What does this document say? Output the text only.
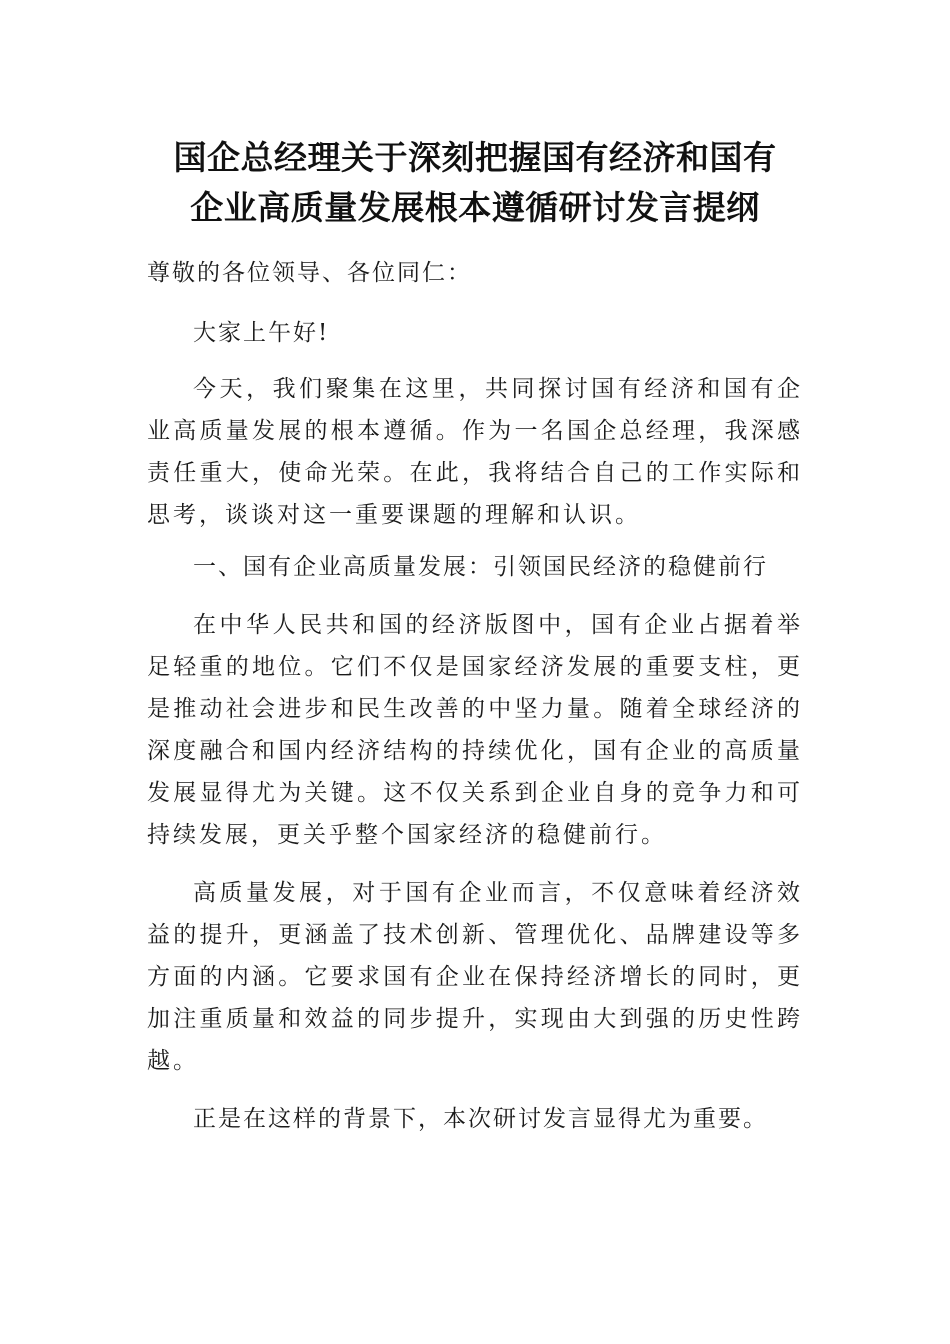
国企总经理关于深刻把握国有经济和国有
企业高质量发展根本遵循研讨发言提纲

尊敬的各位领导、各位同仁：

大家上午好!

今天，我们聚集在这里，共同探讨国有经济和国有企业高质量发展的根本遵循。作为一名国企总经理，我深感责任重大，使命光荣。在此，我将结合自己的工作实际和思考，谈谈对这一重要课题的理解和认识。

一、国有企业高质量发展：引领国民经济的稳健前行

在中华人民共和国的经济版图中，国有企业占据着举足轻重的地位。它们不仅是国家经济发展的重要支柱，更是推动社会进步和民生改善的中坚力量。随着全球经济的深度融合和国内经济结构的持续优化，国有企业的高质量发展显得尤为关键。这不仅关系到企业自身的竞争力和可持续发展，更关乎整个国家经济的稳健前行。

高质量发展，对于国有企业而言，不仅意味着经济效益的提升，更涵盖了技术创新、管理优化、品牌建设等多方面的内涵。它要求国有企业在保持经济增长的同时，更加注重质量和效益的同步提升，实现由大到强的历史性跨越。

正是在这样的背景下，本次研讨发言显得尤为重要。
